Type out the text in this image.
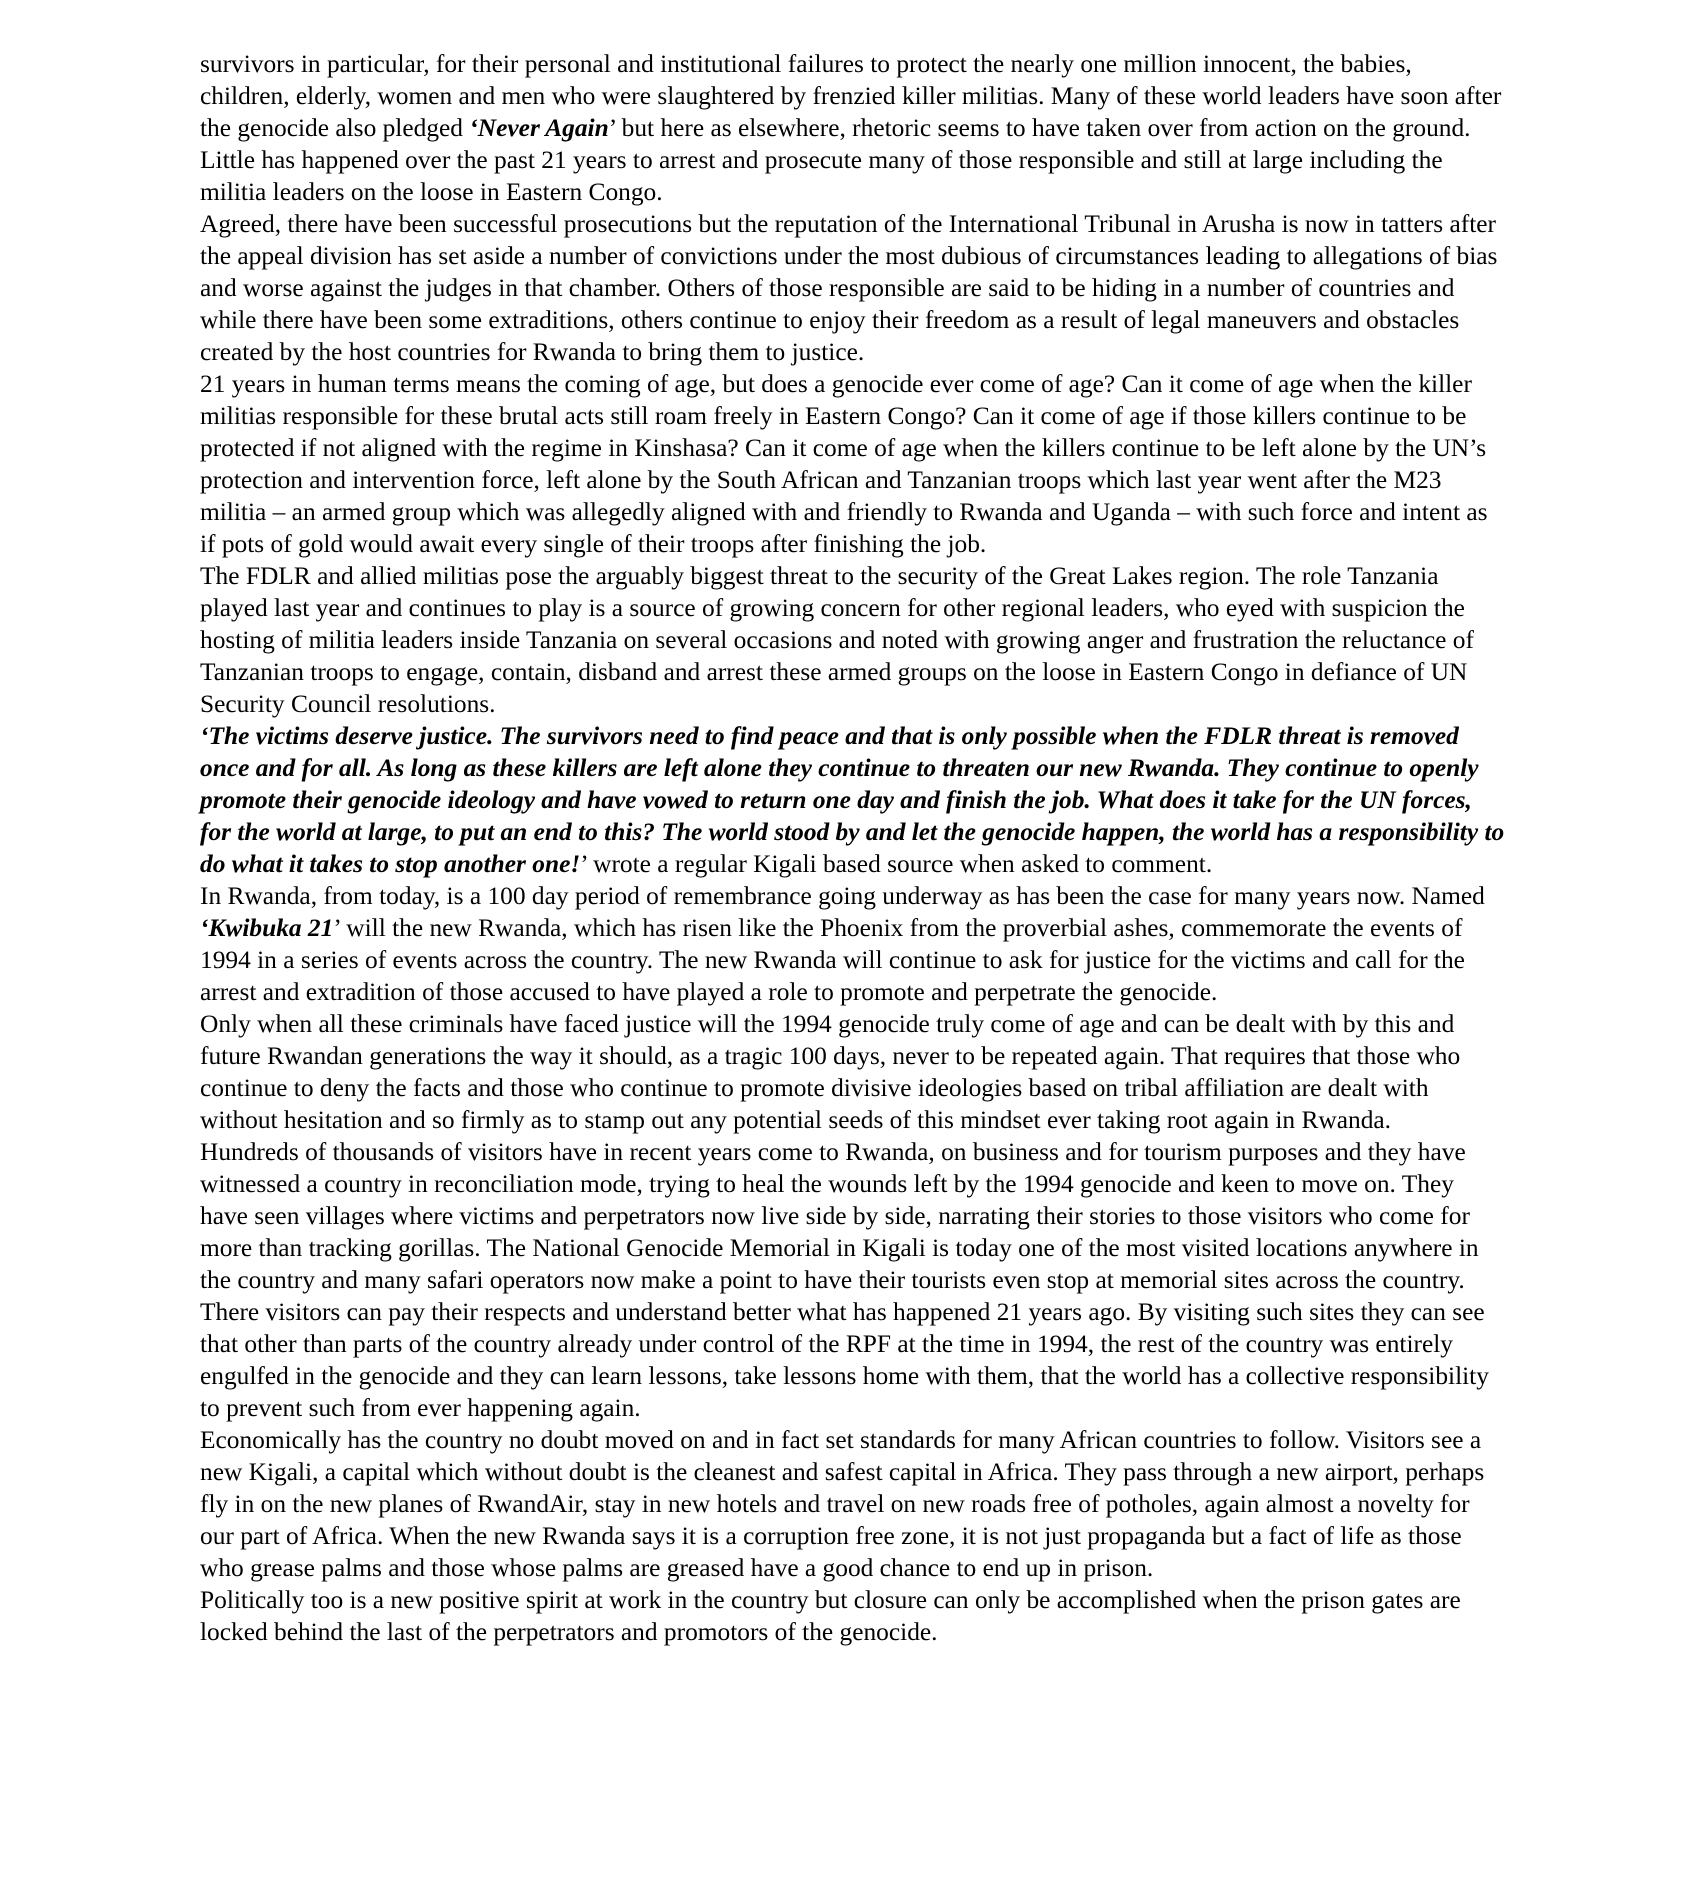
survivors in particular, for their personal and institutional failures to protect the nearly one million innocent, the babies, children, elderly, women and men who were slaughtered by frenzied killer militias. Many of these world leaders have soon after the genocide also pledged ‘Never Again’ but here as elsewhere, rhetoric seems to have taken over from action on the ground. Little has happened over the past 21 years to arrest and prosecute many of those responsible and still at large including the militia leaders on the loose in Eastern Congo.

Agreed, there have been successful prosecutions but the reputation of the International Tribunal in Arusha is now in tatters after the appeal division has set aside a number of convictions under the most dubious of circumstances leading to allegations of bias and worse against the judges in that chamber. Others of those responsible are said to be hiding in a number of countries and while there have been some extraditions, others continue to enjoy their freedom as a result of legal maneuvers and obstacles created by the host countries for Rwanda to bring them to justice.

21 years in human terms means the coming of age, but does a genocide ever come of age? Can it come of age when the killer militias responsible for these brutal acts still roam freely in Eastern Congo? Can it come of age if those killers continue to be protected if not aligned with the regime in Kinshasa? Can it come of age when the killers continue to be left alone by the UN’s protection and intervention force, left alone by the South African and Tanzanian troops which last year went after the M23 militia – an armed group which was allegedly aligned with and friendly to Rwanda and Uganda – with such force and intent as if pots of gold would await every single of their troops after finishing the job.

The FDLR and allied militias pose the arguably biggest threat to the security of the Great Lakes region. The role Tanzania played last year and continues to play is a source of growing concern for other regional leaders, who eyed with suspicion the hosting of militia leaders inside Tanzania on several occasions and noted with growing anger and frustration the reluctance of Tanzanian troops to engage, contain, disband and arrest these armed groups on the loose in Eastern Congo in defiance of UN Security Council resolutions.

‘The victims deserve justice. The survivors need to find peace and that is only possible when the FDLR threat is removed once and for all. As long as these killers are left alone they continue to threaten our new Rwanda. They continue to openly promote their genocide ideology and have vowed to return one day and finish the job. What does it take for the UN forces, for the world at large, to put an end to this? The world stood by and let the genocide happen, the world has a responsibility to do what it takes to stop another one!’ wrote a regular Kigali based source when asked to comment.

In Rwanda, from today, is a 100 day period of remembrance going underway as has been the case for many years now. Named ‘Kwibuka 21’ will the new Rwanda, which has risen like the Phoenix from the proverbial ashes, commemorate the events of 1994 in a series of events across the country. The new Rwanda will continue to ask for justice for the victims and call for the arrest and extradition of those accused to have played a role to promote and perpetrate the genocide.

Only when all these criminals have faced justice will the 1994 genocide truly come of age and can be dealt with by this and future Rwandan generations the way it should, as a tragic 100 days, never to be repeated again. That requires that those who continue to deny the facts and those who continue to promote divisive ideologies based on tribal affiliation are dealt with without hesitation and so firmly as to stamp out any potential seeds of this mindset ever taking root again in Rwanda.

Hundreds of thousands of visitors have in recent years come to Rwanda, on business and for tourism purposes and they have witnessed a country in reconciliation mode, trying to heal the wounds left by the 1994 genocide and keen to move on. They have seen villages where victims and perpetrators now live side by side, narrating their stories to those visitors who come for more than tracking gorillas. The National Genocide Memorial in Kigali is today one of the most visited locations anywhere in the country and many safari operators now make a point to have their tourists even stop at memorial sites across the country. There visitors can pay their respects and understand better what has happened 21 years ago. By visiting such sites they can see that other than parts of the country already under control of the RPF at the time in 1994, the rest of the country was entirely engulfed in the genocide and they can learn lessons, take lessons home with them, that the world has a collective responsibility to prevent such from ever happening again.

Economically has the country no doubt moved on and in fact set standards for many African countries to follow. Visitors see a new Kigali, a capital which without doubt is the cleanest and safest capital in Africa. They pass through a new airport, perhaps fly in on the new planes of RwandAir, stay in new hotels and travel on new roads free of potholes, again almost a novelty for our part of Africa. When the new Rwanda says it is a corruption free zone, it is not just propaganda but a fact of life as those who grease palms and those whose palms are greased have a good chance to end up in prison.

Politically too is a new positive spirit at work in the country but closure can only be accomplished when the prison gates are locked behind the last of the perpetrators and promotors of the genocide.
